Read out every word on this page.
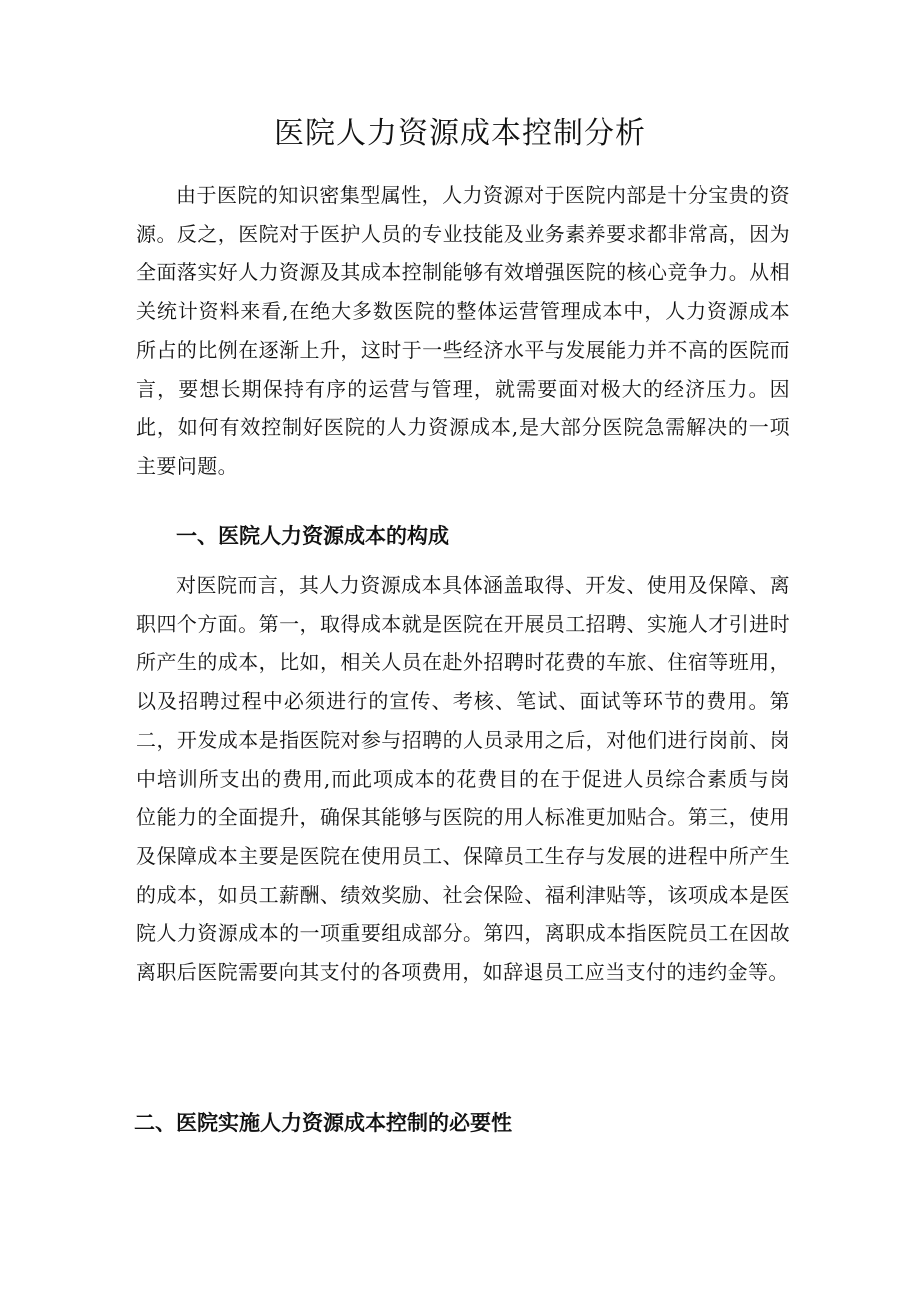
医院人力资源成本控制分析

由于医院的知识密集型属性，人力资源对于医院内部是十分宝贵的资源。反之，医院对于医护人员的专业技能及业务素养要求都非常高，因为全面落实好人力资源及其成本控制能够有效增强医院的核心竞争力。从相关统计资料来看,在绝大多数医院的整体运营管理成本中，人力资源成本所占的比例在逐渐上升，这时于一些经济水平与发展能力并不高的医院而言，要想长期保持有序的运营与管理，就需要面对极大的经济压力。因此，如何有效控制好医院的人力资源成本,是大部分医院急需解决的一项主要问题。

一、医院人力资源成本的构成

对医院而言，其人力资源成本具体涵盖取得、开发、使用及保障、离职四个方面。第一，取得成本就是医院在开展员工招聘、实施人才引进时所产生的成本，比如，相关人员在赴外招聘时花费的车旅、住宿等班用，以及招聘过程中必须进行的宣传、考核、笔试、面试等环节的费用。第二，开发成本是指医院对参与招聘的人员录用之后，对他们进行岗前、岗中培训所支出的费用,而此项成本的花费目的在于促进人员综合素质与岗位能力的全面提升，确保其能够与医院的用人标准更加贴合。第三，使用及保障成本主要是医院在使用员工、保障员工生存与发展的进程中所产生的成本，如员工薪酬、绩效奖励、社会保险、福利津贴等，该项成本是医院人力资源成本的一项重要组成部分。第四，离职成本指医院员工在因故离职后医院需要向其支付的各项费用，如辞退员工应当支付的违约金等。

二、医院实施人力资源成本控制的必要性
